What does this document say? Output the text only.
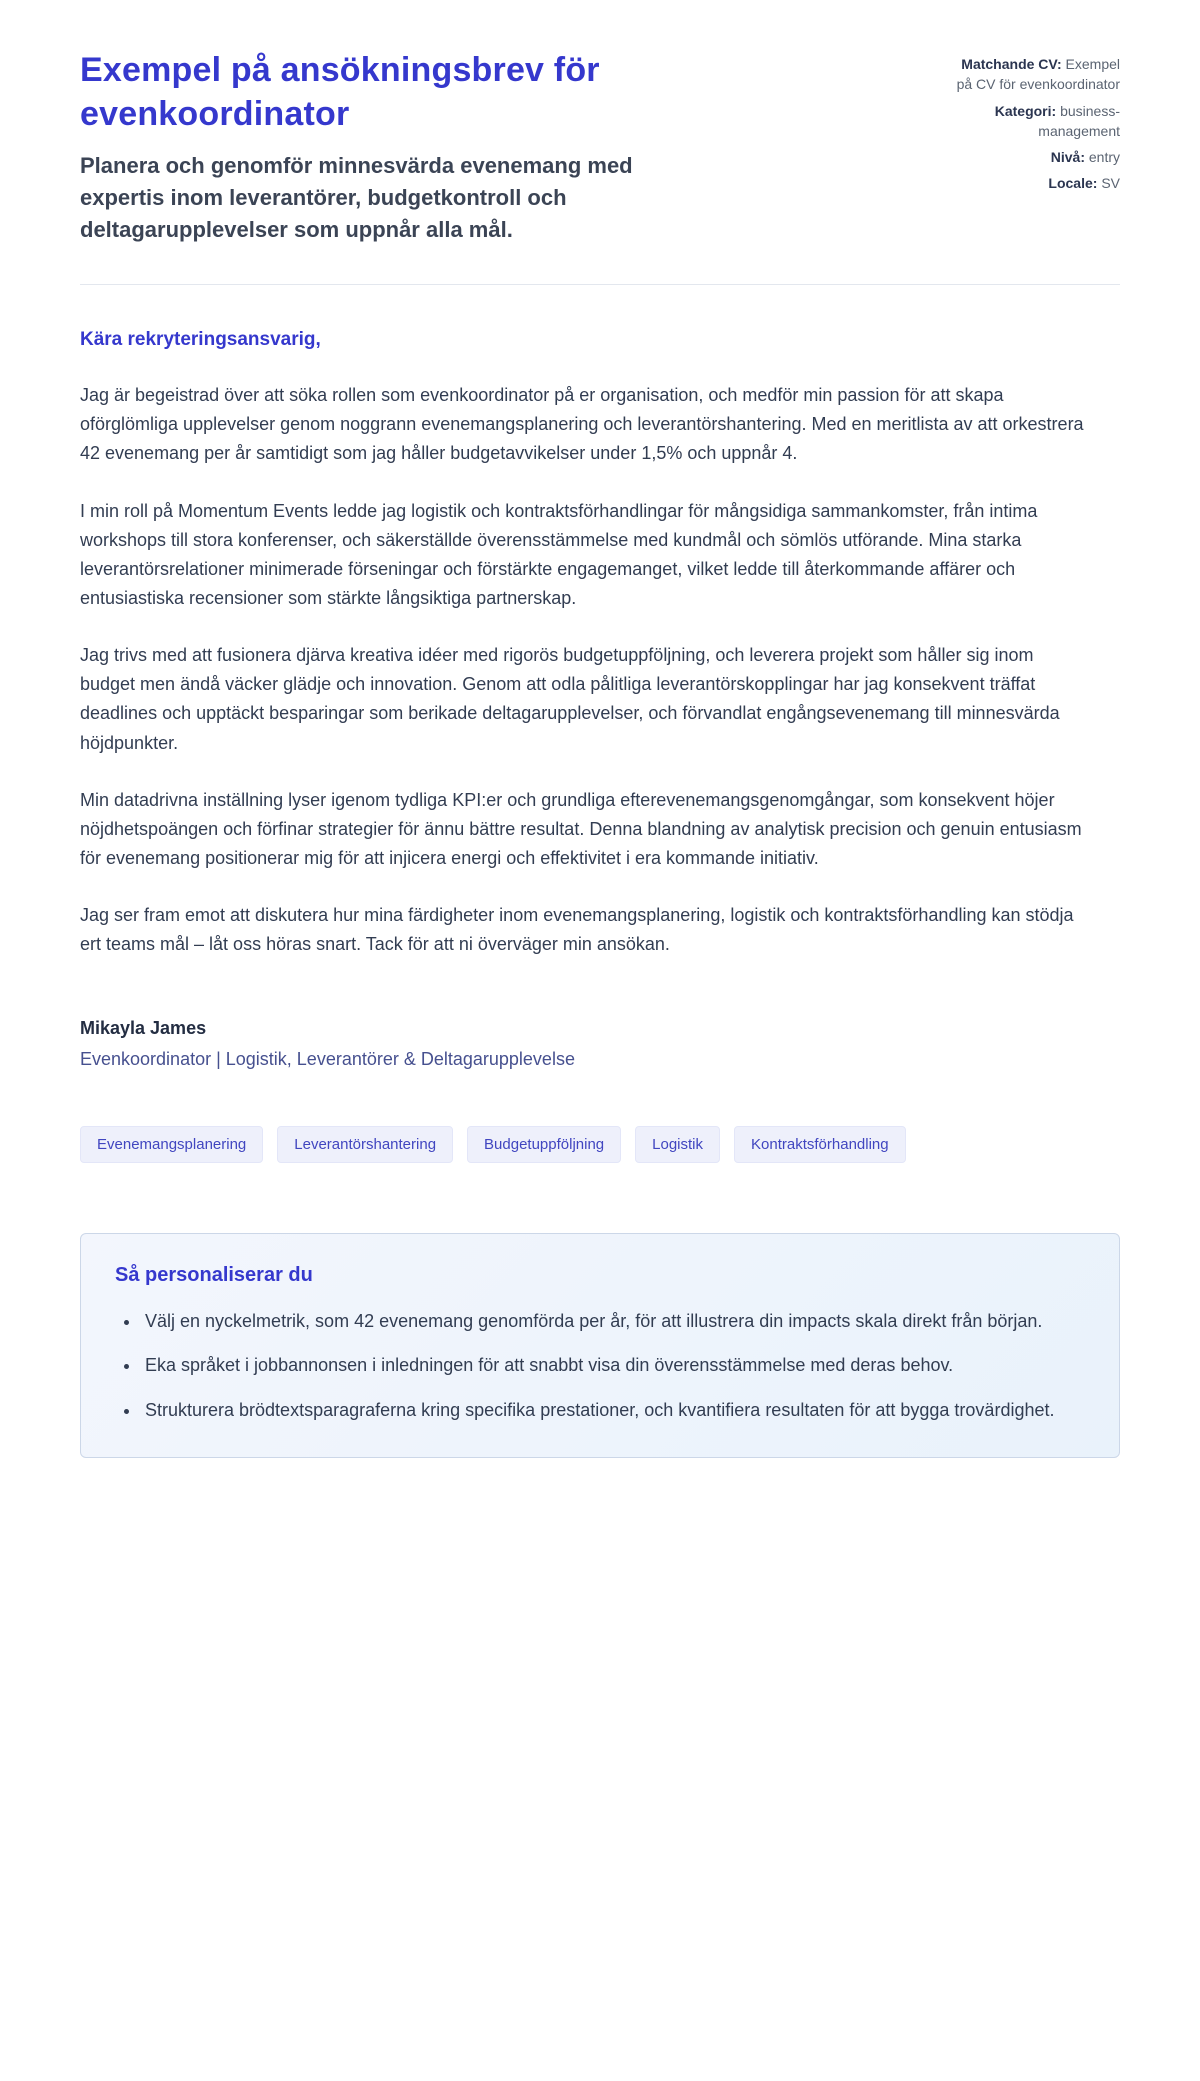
Exempel på ansökningsbrev för evenkoordinator
Planera och genomför minnesvärda evenemang med expertis inom leverantörer, budgetkontroll och deltagarupplevelser som uppnår alla mål.
Matchande CV: Exempel på CV för evenkoordinator
Kategori: business-management
Nivå: entry
Locale: SV

Kära rekryteringsansvarig,

Jag är begeistrad över att söka rollen som evenkoordinator på er organisation, och medför min passion för att skapa oförglömliga upplevelser genom noggrann evenemangsplanering och leverantörshantering. Med en meritlista av att orkestrera 42 evenemang per år samtidigt som jag håller budgetavvikelser under 1,5% och uppnår 4.

I min roll på Momentum Events ledde jag logistik och kontraktsförhandlingar för mångsidiga sammankomster, från intima workshops till stora konferenser, och säkerställde överensstämmelse med kundmål och sömlös utförande. Mina starka leverantörsrelationer minimerade förseningar och förstärkte engagemanget, vilket ledde till återkommande affärer och entusiastiska recensioner som stärkte långsiktiga partnerskap.

Jag trivs med att fusionera djärva kreativa idéer med rigorös budgetuppföljning, och leverera projekt som håller sig inom budget men ändå väcker glädje och innovation. Genom att odla pålitliga leverantörskopplingar har jag konsekvent träffat deadlines och upptäckt besparingar som berikade deltagarupplevelser, och förvandlat engångsevenemang till minnesvärda höjdpunkter.

Min datadrivna inställning lyser igenom tydliga KPI:er och grundliga efterevenemangsgenomgångar, som konsekvent höjer nöjdhetspoängen och förfinar strategier för ännu bättre resultat. Denna blandning av analytisk precision och genuin entusiasm för evenemang positionerar mig för att injicera energi och effektivitet i era kommande initiativ.

Jag ser fram emot att diskutera hur mina färdigheter inom evenemangsplanering, logistik och kontraktsförhandling kan stödja ert teams mål – låt oss höras snart. Tack för att ni överväger min ansökan.

Mikayla James
Evenkoordinator | Logistik, Leverantörer & Deltagarupplevelse
Evenemangsplanering	Leverantörshantering	Budgetuppföljning	Logistik	Kontraktsförhandling
Så personaliserar du
• Välj en nyckelmetrik, som 42 evenemang genomförda per år, för att illustrera din impacts skala direkt från början.
• Eka språket i jobbannonsen i inledningen för att snabbt visa din överensstämmelse med deras behov.
• Strukturera brödtextsparagraferna kring specifika prestationer, och kvantifiera resultaten för att bygga trovärdighet.
